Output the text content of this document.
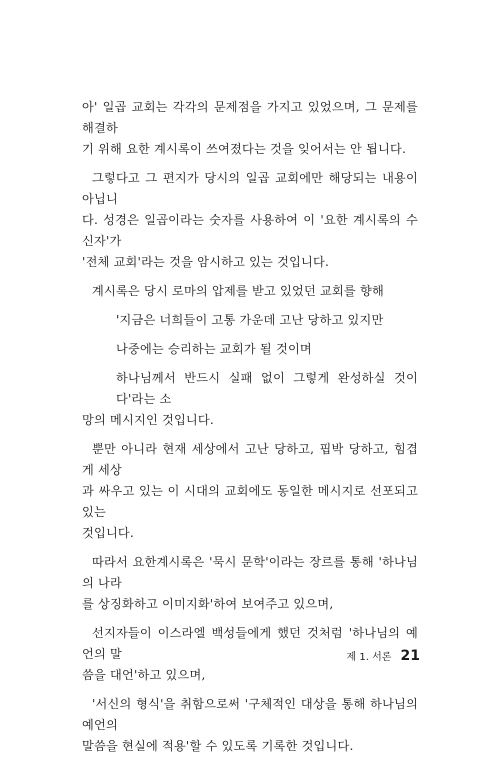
아' 일곱 교회는 각각의 문제점을 가지고 있었으며, 그 문제를 해결하
기 위해 요한 계시록이 쓰여졌다는 것을 잊어서는 안 됩니다.
그렇다고 그 편지가 당시의 일곱 교회에만 해당되는 내용이 아닙니
다. 성경은 일곱이라는 숫자를 사용하여 이 '요한 계시록의 수신자'가
'전체 교회'라는 것을 암시하고 있는 것입니다.
계시록은 당시 로마의 압제를 받고 있었던 교회를 향해
'지금은 너희들이 고통 가운데 고난 당하고 있지만
나중에는 승리하는 교회가 될 것이며
하나님께서 반드시 실패 없이 그렇게 완성하실 것이다'라는 소
망의 메시지인 것입니다.
뿐만 아니라 현재 세상에서 고난 당하고, 핍박 당하고, 힘겹게 세상
과 싸우고 있는 이 시대의 교회에도 동일한 메시지로 선포되고 있는
것입니다.
따라서 요한계시록은 '묵시 문학'이라는 장르를 통해 '하나님의 나라
를 상징화하고 이미지화'하여 보여주고 있으며,
선지자들이 이스라엘 백성들에게 했던 것처럼 '하나님의 예언의 말
씀을 대언'하고 있으며,
'서신의 형식'을 취함으로써 '구체적인 대상을 통해 하나님의 예언의
말씀을 현실에 적용'할 수 있도록 기록한 것입니다.
제 1. 서론 21
